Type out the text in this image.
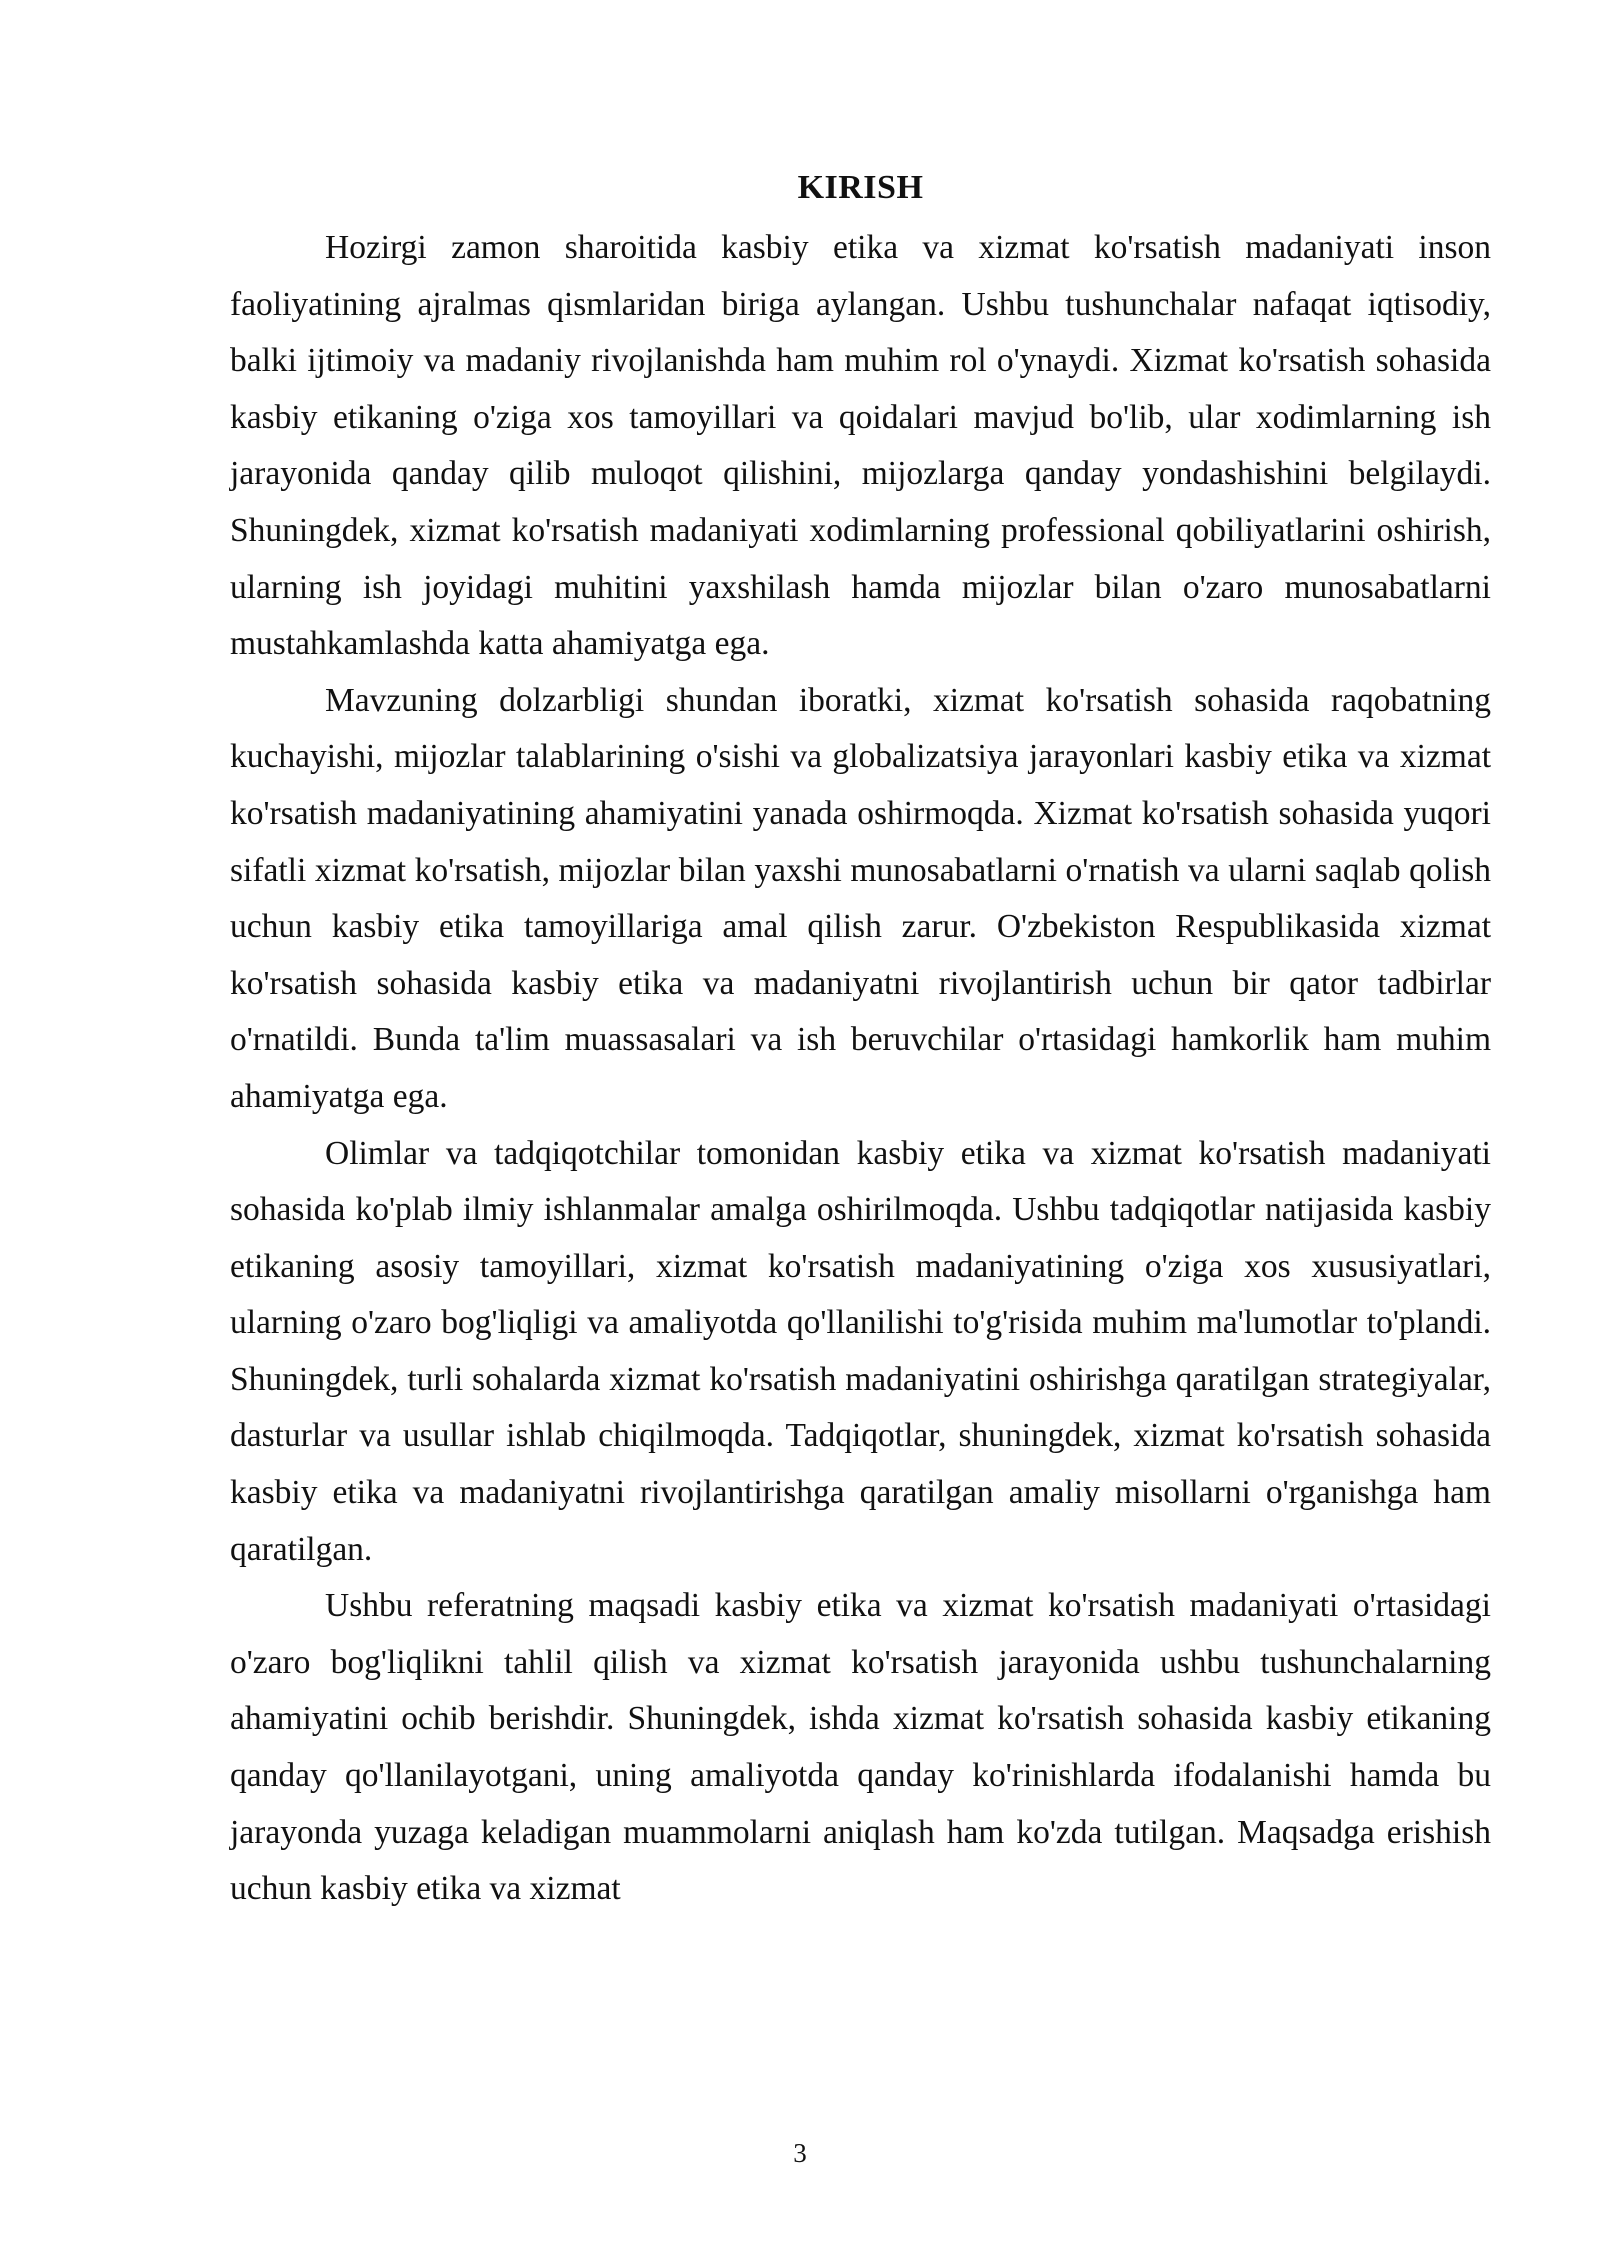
KIRISH

Hozirgi zamon sharoitida kasbiy etika va xizmat ko'rsatish madaniyati inson faoliyatining ajralmas qismlaridan biriga aylangan. Ushbu tushunchalar nafaqat iqtisodiy, balki ijtimoiy va madaniy rivojlanishda ham muhim rol o'ynaydi. Xizmat ko'rsatish sohasida kasbiy etikaning o'ziga xos tamoyillari va qoidalari mavjud bo'lib, ular xodimlarning ish jarayonida qanday qilib muloqot qilishini, mijozlarga qanday yondashishini belgilaydi. Shuningdek, xizmat ko'rsatish madaniyati xodimlarning professional qobiliyatlarini oshirish, ularning ish joyidagi muhitini yaxshilash hamda mijozlar bilan o'zaro munosabatlarni mustahkamlashda katta ahamiyatga ega.

Mavzuning dolzarbligi shundan iboratki, xizmat ko'rsatish sohasida raqobatning kuchayishi, mijozlar talablarining o'sishi va globalizatsiya jarayonlari kasbiy etika va xizmat ko'rsatish madaniyatining ahamiyatini yanada oshirmoqda. Xizmat ko'rsatish sohasida yuqori sifatli xizmat ko'rsatish, mijozlar bilan yaxshi munosabatlarni o'rnatish va ularni saqlab qolish uchun kasbiy etika tamoyillariga amal qilish zarur. O'zbekiston Respublikasida xizmat ko'rsatish sohasida kasbiy etika va madaniyatni rivojlantirish uchun bir qator tadbirlar o'rnatildi. Bunda ta'lim muassasalari va ish beruvchilar o'rtasidagi hamkorlik ham muhim ahamiyatga ega.

Olimlar va tadqiqotchilar tomonidan kasbiy etika va xizmat ko'rsatish madaniyati sohasida ko'plab ilmiy ishlanmalar amalga oshirilmoqda. Ushbu tadqiqotlar natijasida kasbiy etikaning asosiy tamoyillari, xizmat ko'rsatish madaniyatining o'ziga xos xususiyatlari, ularning o'zaro bog'liqligi va amaliyotda qo'llanilishi to'g'risida muhim ma'lumotlar to'plandi. Shuningdek, turli sohalarda xizmat ko'rsatish madaniyatini oshirishga qaratilgan strategiyalar, dasturlar va usullar ishlab chiqilmoqda. Tadqiqotlar, shuningdek, xizmat ko'rsatish sohasida kasbiy etika va madaniyatni rivojlantirishga qaratilgan amaliy misollarni o'rganishga ham qaratilgan.

Ushbu referatning maqsadi kasbiy etika va xizmat ko'rsatish madaniyati o'rtasidagi o'zaro bog'liqlikni tahlil qilish va xizmat ko'rsatish jarayonida ushbu tushunchalarning ahamiyatini ochib berishdir. Shuningdek, ishda xizmat ko'rsatish sohasida kasbiy etikaning qanday qo'llanilayotgani, uning amaliyotda qanday ko'rinishlarda ifodalanishi hamda bu jarayonda yuzaga keladigan muammolarni aniqlash ham ko'zda tutilgan. Maqsadga erishish uchun kasbiy etika va xizmat

3
